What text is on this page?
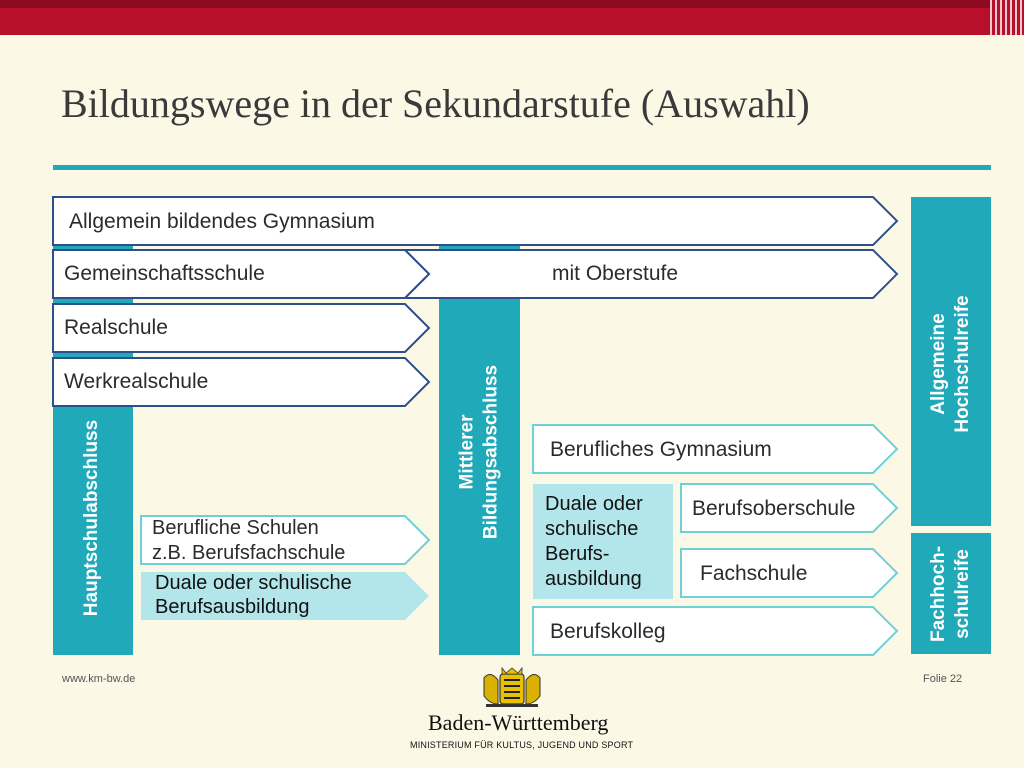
Bildungswege in der Sekundarstufe (Auswahl)
Allgemein bildendes Gymnasium
Gemeinschaftsschule	mit Oberstufe
Realschule
Werkrealschule
Berufliche Schulen
z.B. Berufsfachschule
Duale oder schulische
Berufsausbildung
Berufliches Gymnasium
Duale oder
schulische
Berufs-
ausbildung
Berufsoberschule
Fachschule
Berufskolleg
Hauptschulabschluss	Mittlerer Bildungsabschluss
Allgemeine Hochschulreife
Fachhoch- schulreife
www.km-bw.de	Folie 22
Baden-Württemberg
MINISTERIUM FÜR KULTUS, JUGEND UND SPORT
